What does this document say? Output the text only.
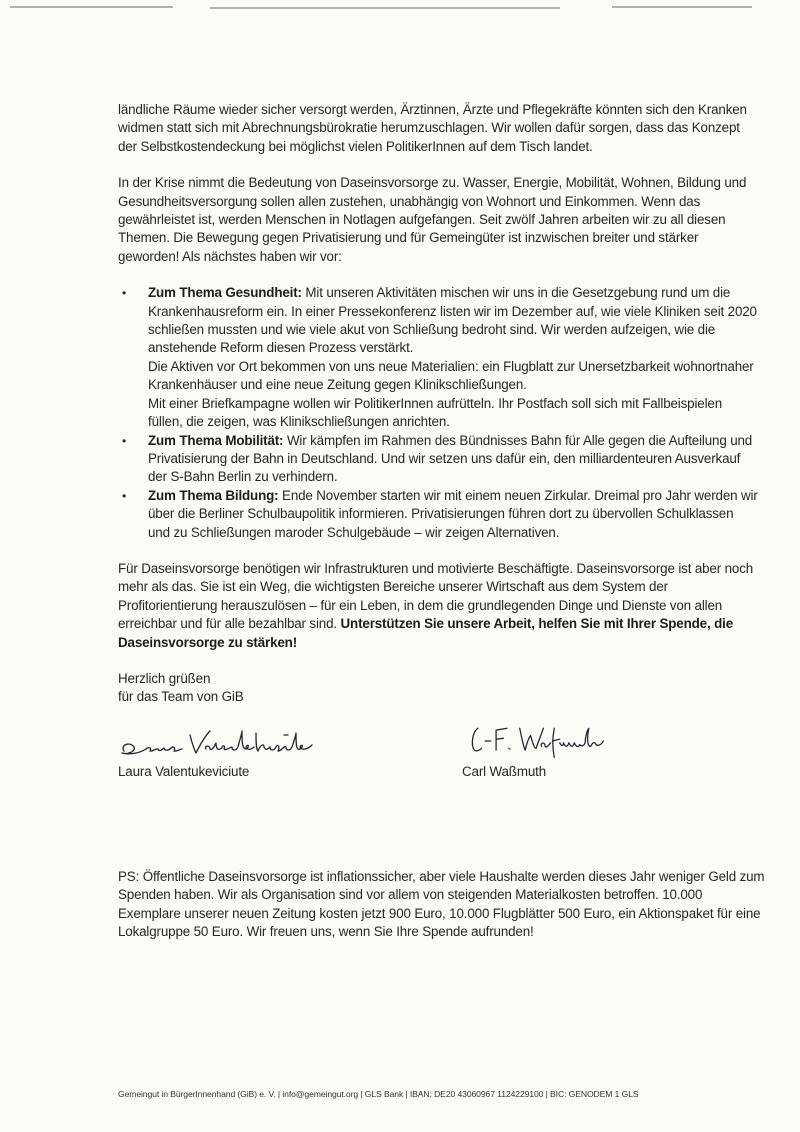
ländliche Räume wieder sicher versorgt werden, Ärztinnen, Ärzte und Pflegekräfte könnten sich den Kranken widmen statt sich mit Abrechnungsbürokratie herumzuschlagen. Wir wollen dafür sorgen, dass das Konzept der Selbstkostendeckung bei möglichst vielen PolitikerInnen auf dem Tisch landet.

In der Krise nimmt die Bedeutung von Daseinsvorsorge zu. Wasser, Energie, Mobilität, Wohnen, Bildung und Gesundheitsversorgung sollen allen zustehen, unabhängig von Wohnort und Einkommen. Wenn das gewährleistet ist, werden Menschen in Notlagen aufgefangen. Seit zwölf Jahren arbeiten wir zu all diesen Themen. Die Bewegung gegen Privatisierung und für Gemeingüter ist inzwischen breiter und stärker geworden! Als nächstes haben wir vor:

• Zum Thema Gesundheit: Mit unseren Aktivitäten mischen wir uns in die Gesetzgebung rund um die Krankenhausreform ein. In einer Pressekonferenz listen wir im Dezember auf, wie viele Kliniken seit 2020 schließen mussten und wie viele akut von Schließung bedroht sind. Wir werden aufzeigen, wie die anstehende Reform diesen Prozess verstärkt.
Die Aktiven vor Ort bekommen von uns neue Materialien: ein Flugblatt zur Unersetzbarkeit wohnortnaher Krankenhäuser und eine neue Zeitung gegen Klinikschließungen.
Mit einer Briefkampagne wollen wir PolitikerInnen aufrütteln. Ihr Postfach soll sich mit Fallbeispielen füllen, die zeigen, was Klinikschließungen anrichten.
• Zum Thema Mobilität: Wir kämpfen im Rahmen des Bündnisses Bahn für Alle gegen die Aufteilung und Privatisierung der Bahn in Deutschland. Und wir setzen uns dafür ein, den milliardenteuren Ausverkauf der S-Bahn Berlin zu verhindern.
• Zum Thema Bildung: Ende November starten wir mit einem neuen Zirkular. Dreimal pro Jahr werden wir über die Berliner Schulbaupolitik informieren. Privatisierungen führen dort zu übervollen Schulklassen und zu Schließungen maroder Schulgebäude – wir zeigen Alternativen.

Für Daseinsvorsorge benötigen wir Infrastrukturen und motivierte Beschäftigte. Daseinsvorsorge ist aber noch mehr als das. Sie ist ein Weg, die wichtigsten Bereiche unserer Wirtschaft aus dem System der Profitorientierung herauszulösen – für ein Leben, in dem die grundlegenden Dinge und Dienste von allen erreichbar und für alle bezahlbar sind. Unterstützen Sie unsere Arbeit, helfen Sie mit Ihrer Spende, die Daseinsvorsorge zu stärken!

Herzlich grüßen

für das Team von GiB

Laura Valentukeviciute	Carl Waßmuth

PS: Öffentliche Daseinsvorsorge ist inflationssicher, aber viele Haushalte werden dieses Jahr weniger Geld zum Spenden haben. Wir als Organisation sind vor allem von steigenden Materialkosten betroffen. 10.000 Exemplare unserer neuen Zeitung kosten jetzt 900 Euro, 10.000 Flugblätter 500 Euro, ein Aktionspaket für eine Lokalgruppe 50 Euro. Wir freuen uns, wenn Sie Ihre Spende aufrunden!

Gemeingut in BürgerInnenhand (GiB) e. V. | info@gemeingut.org | GLS Bank | IBAN: DE20 43060967 1124229100 | BIC: GENODEM 1 GLS
